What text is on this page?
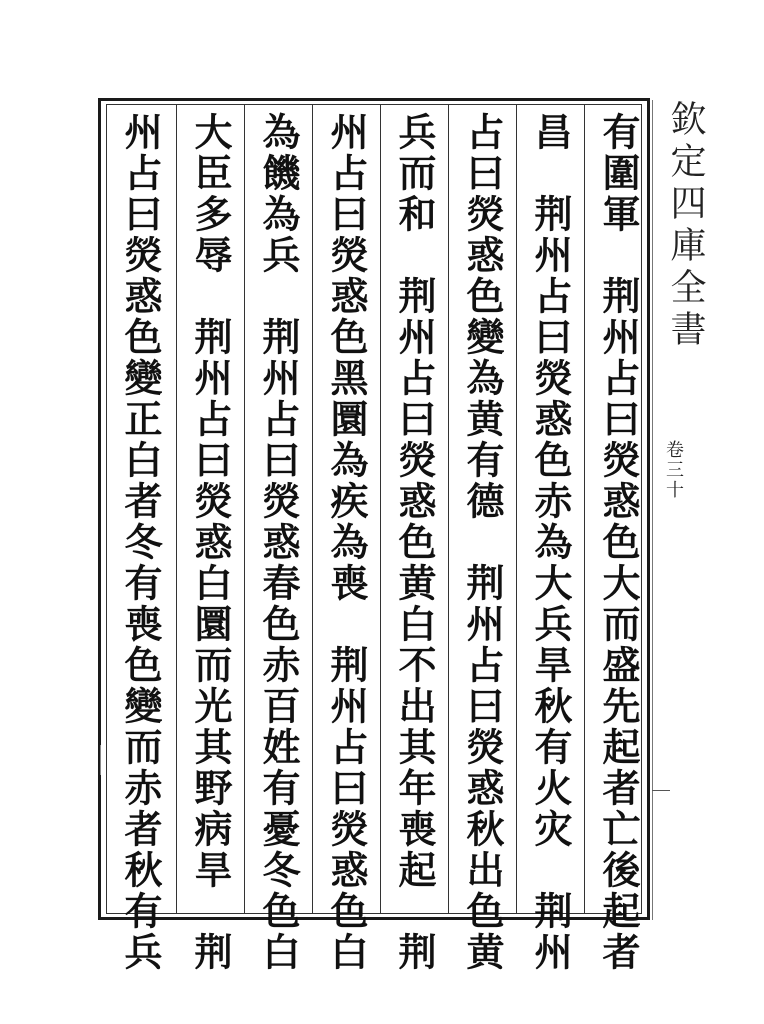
有圍軍　荆州占曰熒惑色大而盛先起者亡後起者
昌　荆州占曰熒惑色赤為大兵旱秋有火灾　荆州
占曰熒惑色變為黄有德　荆州占曰熒惑秋出色黄
兵而和　荆州占曰熒惑色黄白不出其年喪起　荆
州占曰熒惑色黑圜為疾為喪　荆州占曰熒惑色白
為饑為兵　荆州占曰熒惑春色赤百姓有憂冬色白
大臣多辱　荆州占曰熒惑白圜而光其野病旱　荆
州占曰熒惑色變正白者冬有喪色變而赤者秋有兵	欽定四庫全書
卷三十
